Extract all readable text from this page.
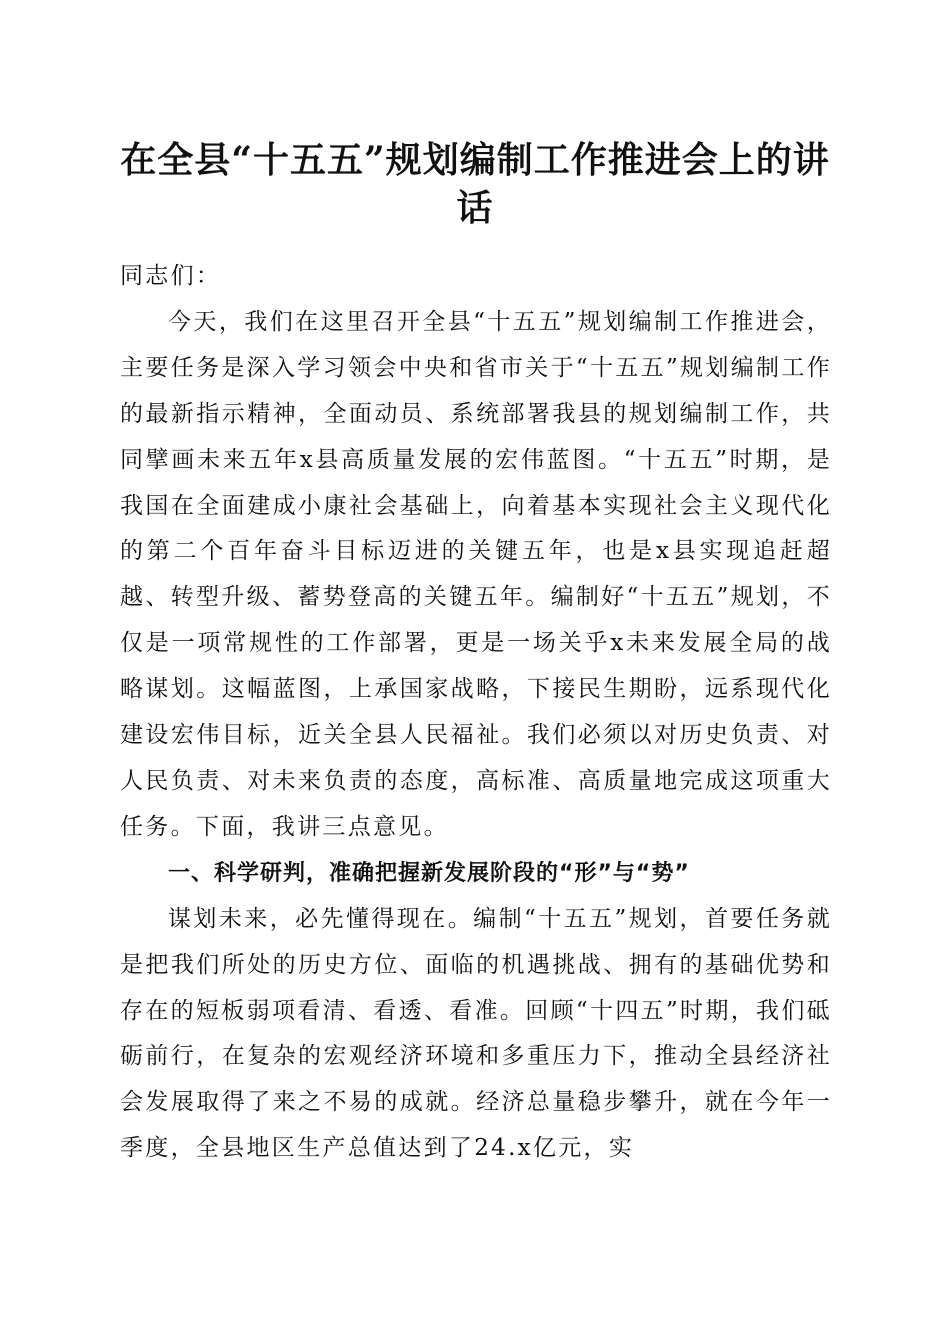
在全县“十五五”规划编制工作推进会上的讲话

同志们：

今天，我们在这里召开全县“十五五”规划编制工作推进会，主要任务是深入学习领会中央和省市关于“十五五”规划编制工作的最新指示精神，全面动员、系统部署我县的规划编制工作，共同擘画未来五年x县高质量发展的宏伟蓝图。“十五五”时期，是我国在全面建成小康社会基础上，向着基本实现社会主义现代化的第二个百年奋斗目标迈进的关键五年，也是x县实现追赶超越、转型升级、蓄势登高的关键五年。编制好“十五五”规划，不仅是一项常规性的工作部署，更是一场关乎x未来发展全局的战略谋划。这幅蓝图，上承国家战略，下接民生期盼，远系现代化建设宏伟目标，近关全县人民福祉。我们必须以对历史负责、对人民负责、对未来负责的态度，高标准、高质量地完成这项重大任务。下面，我讲三点意见。

一、科学研判，准确把握新发展阶段的“形”与“势”

谋划未来，必先懂得现在。编制“十五五”规划，首要任务就是把我们所处的历史方位、面临的机遇挑战、拥有的基础优势和存在的短板弱项看清、看透、看准。回顾“十四五”时期，我们砥砺前行，在复杂的宏观经济环境和多重压力下，推动全县经济社会发展取得了来之不易的成就。经济总量稳步攀升，就在今年一季度，全县地区生产总值达到了24.x亿元，实
